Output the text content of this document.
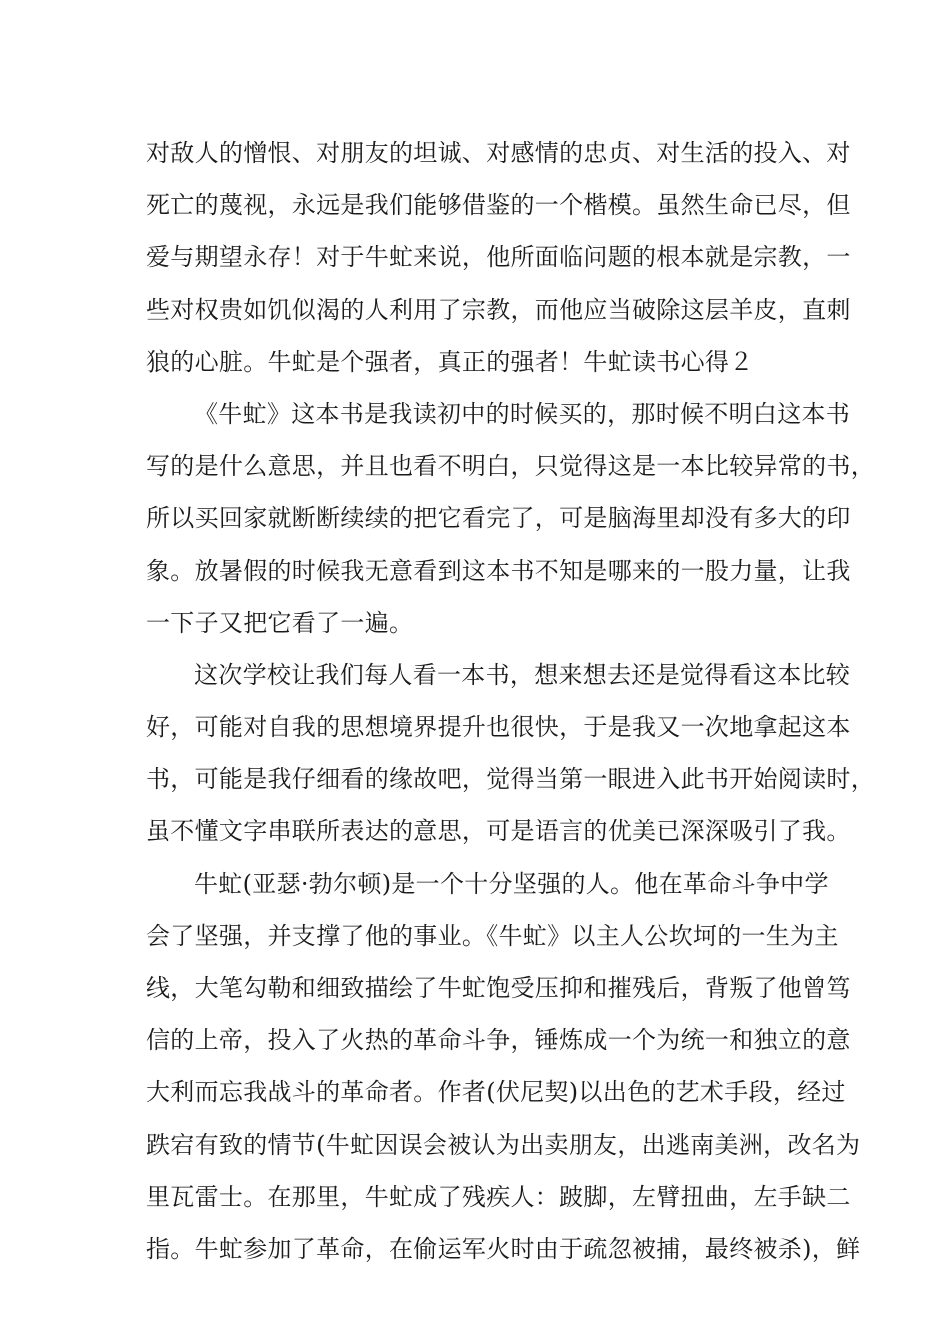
对敌人的憎恨、对朋友的坦诚、对感情的忠贞、对生活的投入、对
死亡的蔑视，永远是我们能够借鉴的一个楷模。虽然生命已尽，但
爱与期望永存！对于牛虻来说，他所面临问题的根本就是宗教，一
些对权贵如饥似渴的人利用了宗教，而他应当破除这层羊皮，直刺
狼的心脏。牛虻是个强者，真正的强者！牛虻读书心得２
《牛虻》这本书是我读初中的时候买的，那时候不明白这本书
写的是什么意思，并且也看不明白，只觉得这是一本比较异常的书，
所以买回家就断断续续的把它看完了，可是脑海里却没有多大的印
象。放暑假的时候我无意看到这本书不知是哪来的一股力量，让我
一下子又把它看了一遍。
这次学校让我们每人看一本书，想来想去还是觉得看这本比较
好，可能对自我的思想境界提升也很快，于是我又一次地拿起这本
书，可能是我仔细看的缘故吧，觉得当第一眼进入此书开始阅读时，
虽不懂文字串联所表达的意思，可是语言的优美已深深吸引了我。
牛虻(亚瑟·勃尔顿)是一个十分坚强的人。他在革命斗争中学
会了坚强，并支撑了他的事业。《牛虻》以主人公坎坷的一生为主
线，大笔勾勒和细致描绘了牛虻饱受压抑和摧残后，背叛了他曾笃
信的上帝，投入了火热的革命斗争，锤炼成一个为统一和独立的意
大利而忘我战斗的革命者。作者(伏尼契)以出色的艺术手段，经过
跌宕有致的情节(牛虻因误会被认为出卖朋友，出逃南美洲，改名为
里瓦雷士。在那里，牛虻成了残疾人：跛脚，左臂扭曲，左手缺二
指。牛虻参加了革命，在偷运军火时由于疏忽被捕，最终被杀)，鲜
